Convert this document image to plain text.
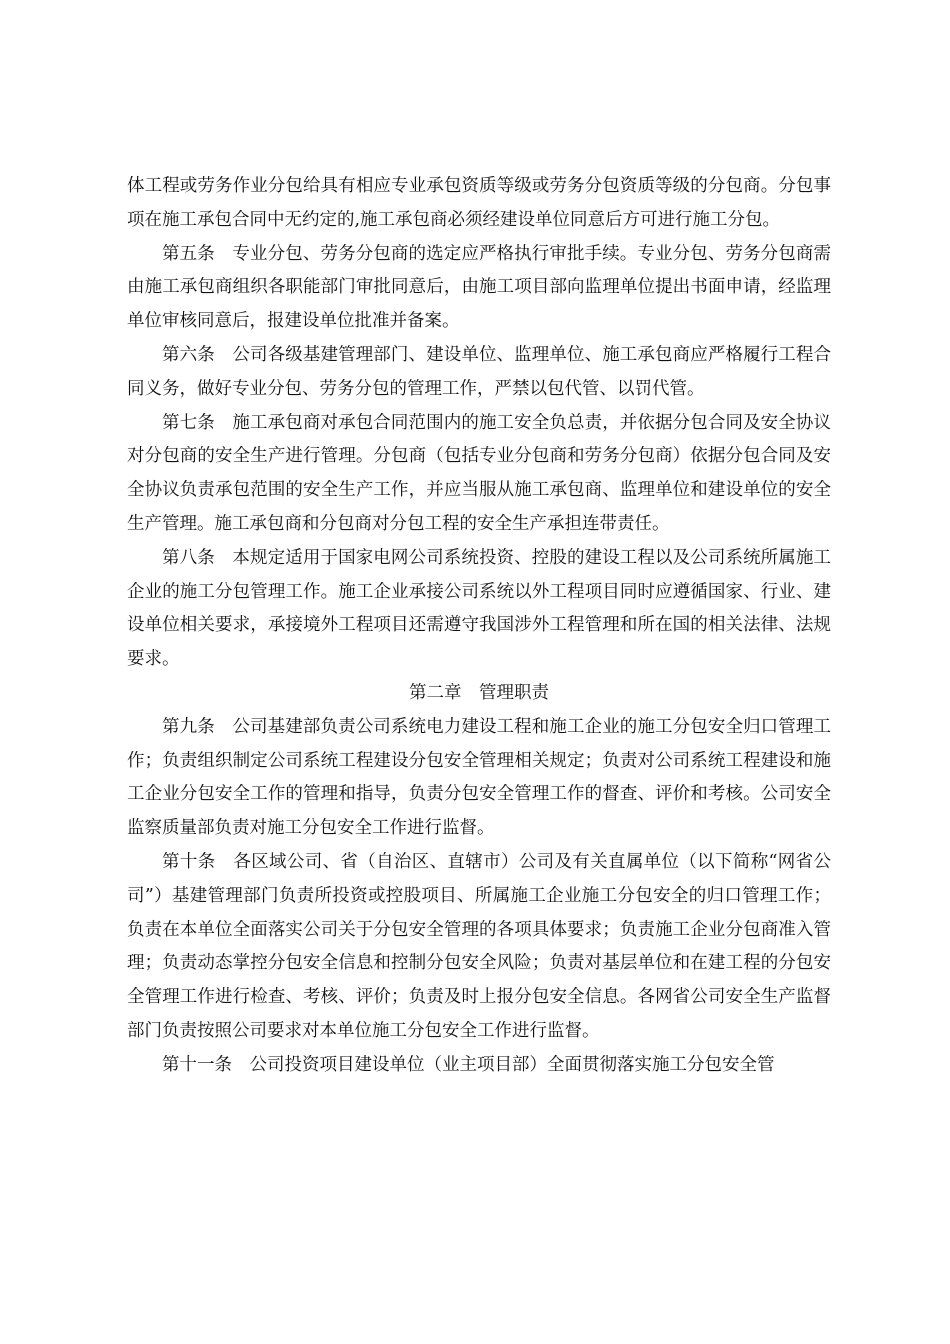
体工程或劳务作业分包给具有相应专业承包资质等级或劳务分包资质等级的分包商。分包事项在施工承包合同中无约定的,施工承包商必须经建设单位同意后方可进行施工分包。

第五条　专业分包、劳务分包商的选定应严格执行审批手续。专业分包、劳务分包商需由施工承包商组织各职能部门审批同意后，由施工项目部向监理单位提出书面申请，经监理单位审核同意后，报建设单位批准并备案。

第六条　公司各级基建管理部门、建设单位、监理单位、施工承包商应严格履行工程合同义务，做好专业分包、劳务分包的管理工作，严禁以包代管、以罚代管。

第七条　施工承包商对承包合同范围内的施工安全负总责，并依据分包合同及安全协议对分包商的安全生产进行管理。分包商（包括专业分包商和劳务分包商）依据分包合同及安全协议负责承包范围的安全生产工作，并应当服从施工承包商、监理单位和建设单位的安全生产管理。施工承包商和分包商对分包工程的安全生产承担连带责任。

第八条　本规定适用于国家电网公司系统投资、控股的建设工程以及公司系统所属施工企业的施工分包管理工作。施工企业承接公司系统以外工程项目同时应遵循国家、行业、建设单位相关要求，承接境外工程项目还需遵守我国涉外工程管理和所在国的相关法律、法规要求。

第二章　管理职责

第九条　公司基建部负责公司系统电力建设工程和施工企业的施工分包安全归口管理工作；负责组织制定公司系统工程建设分包安全管理相关规定；负责对公司系统工程建设和施工企业分包安全工作的管理和指导，负责分包安全管理工作的督查、评价和考核。公司安全监察质量部负责对施工分包安全工作进行监督。

第十条　各区域公司、省（自治区、直辖市）公司及有关直属单位（以下简称“网省公司”）基建管理部门负责所投资或控股项目、所属施工企业施工分包安全的归口管理工作；负责在本单位全面落实公司关于分包安全管理的各项具体要求；负责施工企业分包商准入管理；负责动态掌控分包安全信息和控制分包安全风险；负责对基层单位和在建工程的分包安全管理工作进行检查、考核、评价；负责及时上报分包安全信息。各网省公司安全生产监督部门负责按照公司要求对本单位施工分包安全工作进行监督。

第十一条　公司投资项目建设单位（业主项目部）全面贯彻落实施工分包安全管
